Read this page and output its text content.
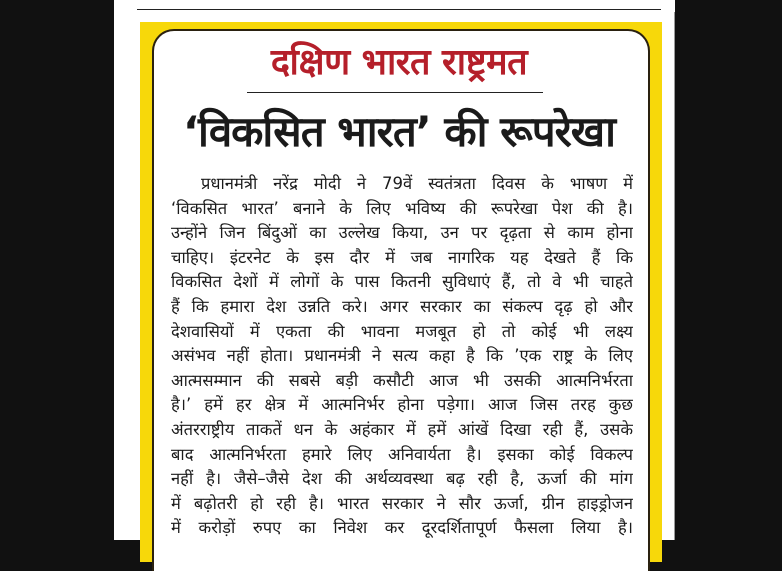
दक्षिण भारत राष्ट्रमत
‘विकसित भारत’ की रूपरेखा
प्रधानमंत्री नरेंद्र मोदी ने 79वें स्वतंत्रता दिवस के भाषण में
‘विकसित भारत’ बनाने के लिए भविष्य की रूपरेखा पेश की है।
उन्होंने जिन बिंदुओं का उल्लेख किया, उन पर दृढ़ता से काम होना
चाहिए। इंटरनेट के इस दौर में जब नागरिक यह देखते हैं कि
विकसित देशों में लोगों के पास कितनी सुविधाएं हैं, तो वे भी चाहते
हैं कि हमारा देश उन्नति करे। अगर सरकार का संकल्प दृढ़ हो और
देशवासियों में एकता की भावना मजबूत हो तो कोई भी लक्ष्य
असंभव नहीं होता। प्रधानमंत्री ने सत्य कहा है कि ’एक राष्ट्र के लिए
आत्मसम्मान की सबसे बड़ी कसौटी आज भी उसकी आत्मनिर्भरता
है।’ हमें हर क्षेत्र में आत्मनिर्भर होना पड़ेगा। आज जिस तरह कुछ
अंतरराष्ट्रीय ताकतें धन के अहंकार में हमें आंखें दिखा रही हैं, उसके
बाद आत्मनिर्भरता हमारे लिए अनिवार्यता है। इसका कोई विकल्प
नहीं है। जैसे–जैसे देश की अर्थव्यवस्था बढ़ रही है, ऊर्जा की मांग
में बढ़ोतरी हो रही है। भारत सरकार ने सौर ऊर्जा, ग्रीन हाइड्रोजन
में करोड़ों रुपए का निवेश कर दूरदर्शितापूर्ण फैसला लिया है।
